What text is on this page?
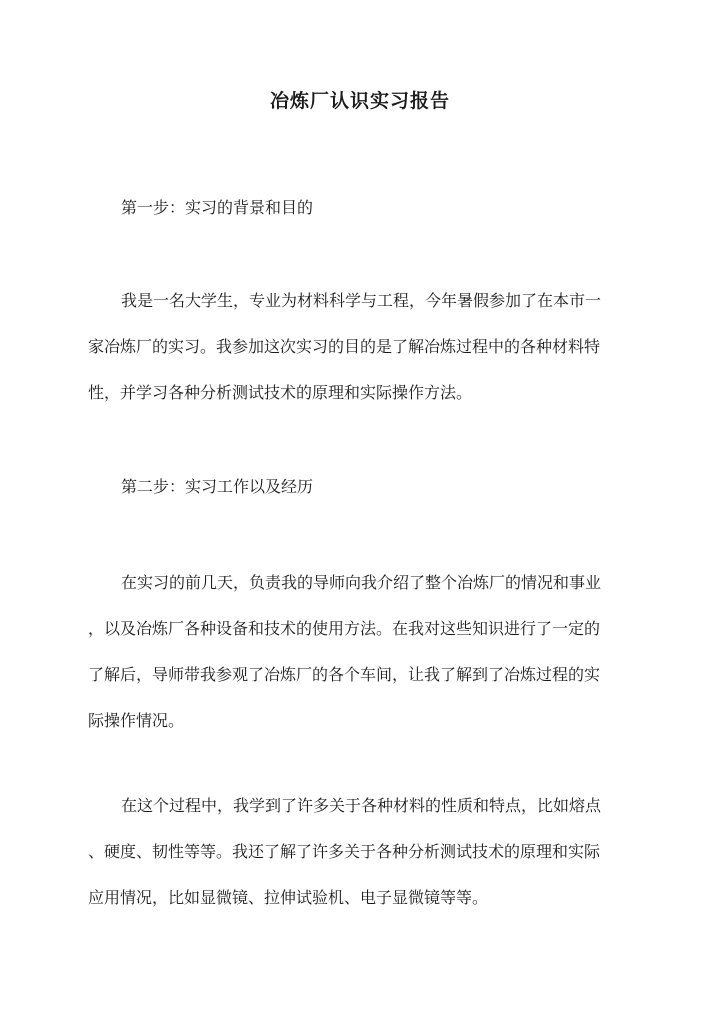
冶炼厂认识实习报告
第一步：实习的背景和目的
我是一名大学生，专业为材料科学与工程，今年暑假参加了在本市一
家冶炼厂的实习。我参加这次实习的目的是了解冶炼过程中的各种材料特
性，并学习各种分析测试技术的原理和实际操作方法。
第二步：实习工作以及经历
在实习的前几天，负责我的导师向我介绍了整个冶炼厂的情况和事业
，以及冶炼厂各种设备和技术的使用方法。在我对这些知识进行了一定的
了解后，导师带我参观了冶炼厂的各个车间，让我了解到了冶炼过程的实
际操作情况。
在这个过程中，我学到了许多关于各种材料的性质和特点，比如熔点
、硬度、韧性等等。我还了解了许多关于各种分析测试技术的原理和实际
应用情况，比如显微镜、拉伸试验机、电子显微镜等等。
